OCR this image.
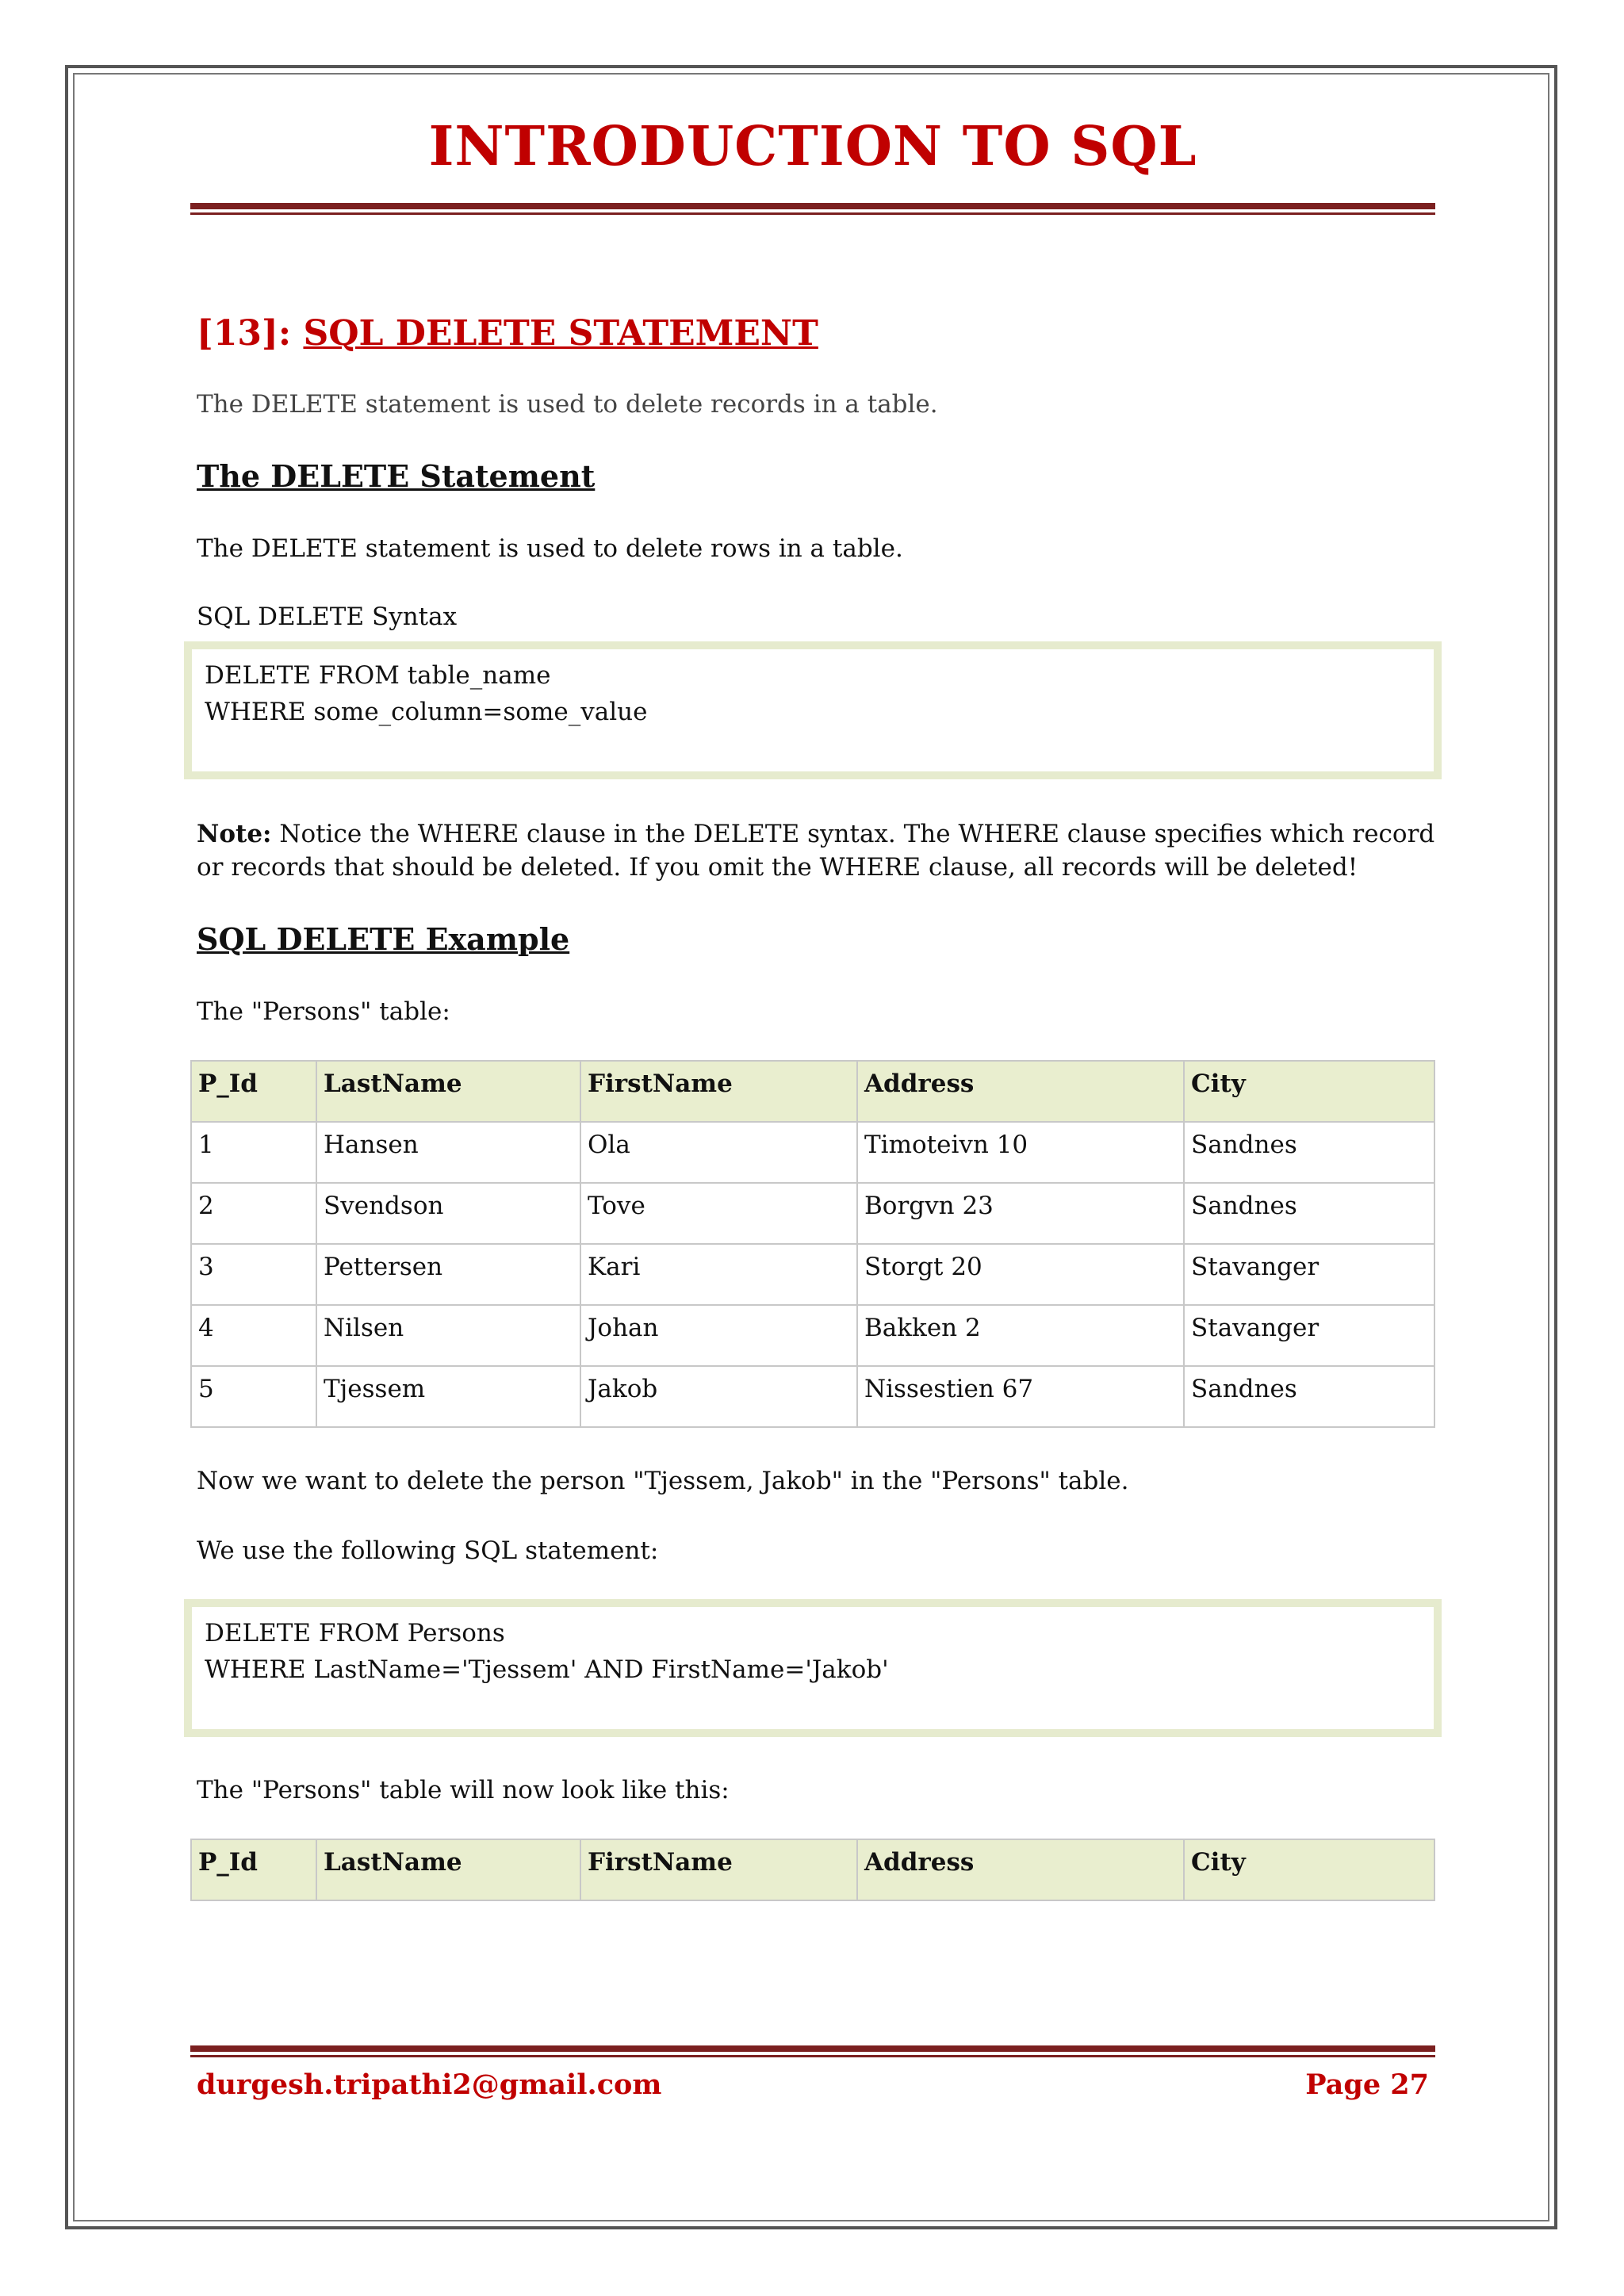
INTRODUCTION TO SQL
[13]: SQL DELETE STATEMENT

The DELETE statement is used to delete records in a table.

The DELETE Statement

The DELETE statement is used to delete rows in a table.

SQL DELETE Syntax

DELETE FROM table_name
WHERE some_column=some_value

Note: Notice the WHERE clause in the DELETE syntax. The WHERE clause specifies which record or records that should be deleted. If you omit the WHERE clause, all records will be deleted!

SQL DELETE Example

The "Persons" table:

P_Id	LastName	FirstName	Address	City
1	Hansen	Ola	Timoteivn 10	Sandnes
2	Svendson	Tove	Borgvn 23	Sandnes
3	Pettersen	Kari	Storgt 20	Stavanger
4	Nilsen	Johan	Bakken 2	Stavanger
5	Tjessem	Jakob	Nissestien 67	Sandnes

Now we want to delete the person "Tjessem, Jakob" in the "Persons" table.

We use the following SQL statement:

DELETE FROM Persons
WHERE LastName='Tjessem' AND FirstName='Jakob'

The "Persons" table will now look like this:

P_Id	LastName	FirstName	Address	City
durgesh.tripathi2@gmail.com	Page 27
